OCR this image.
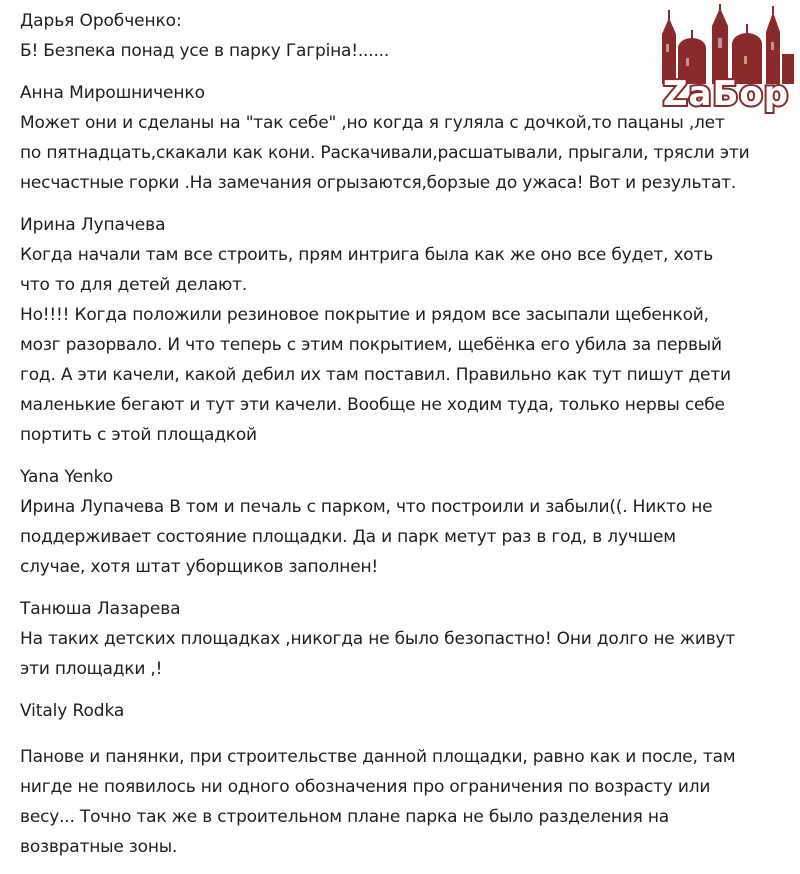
Дарья Оробченко:
Б! Безпека понад усе в парку Гагріна!......
Анна Мирошниченко
Может они и сделаны на "так себе" ,но когда я гуляла с дочкой,то пацаны ,лет
по пятнадцать,скакали как кони. Раскачивали,расшатывали, прыгали, трясли эти
несчастные горки .На замечания огрызаются,борзые до ужаса! Вот и результат.
Ирина Лупачева
Когда начали там все строить, прям интрига была как же оно все будет, хоть
что то для детей делают.
Но!!!! Когда положили резиновое покрытие и рядом все засыпали щебенкой,
мозг разорвало. И что теперь с этим покрытием, щебёнка его убила за первый
год. А эти качели, какой дебил их там поставил. Правильно как тут пишут дети
маленькие бегают и тут эти качели. Вообще не ходим туда, только нервы себе
портить с этой площадкой
Yana Yenko
Ирина Лупачева В том и печаль с парком, что построили и забыли((. Никто не
поддерживает состояние площадки. Да и парк метут раз в год, в лучшем
случае, хотя штат уборщиков заполнен!
Танюша Лазарева
На таких детских площадках ,никогда не было безопастно! Они долго не живут
эти площадки ,!
Vitaly Rodka
Панове и панянки, при строительстве данной площадки, равно как и после, там
нигде не появилось ни одного обозначения про ограничения по возрасту или
весу... Точно так же в строительном плане парка не было разделения на
возвратные зоны.
ZaБор
